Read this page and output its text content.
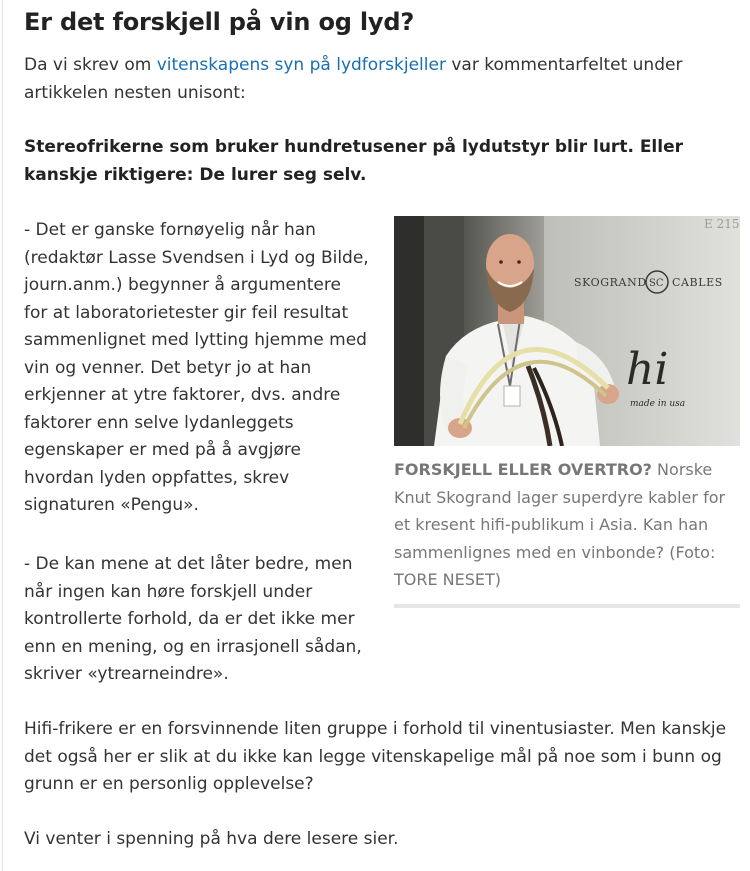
Er det forskjell på vin og lyd?

Da vi skrev om vitenskapens syn på lydforskjeller var kommentarfeltet under artikkelen nesten unisont:

Stereofrikerne som bruker hundretusener på lydutstyr blir lurt. Eller kanskje riktigere: De lurer seg selv.

- Det er ganske fornøyelig når han (redaktør Lasse Svendsen i Lyd og Bilde, journ.anm.) begynner å argumentere for at laboratorietester gir feil resultat sammenlignet med lytting hjemme med vin og venner. Det betyr jo at han erkjenner at ytre faktorer, dvs. andre faktorer enn selve lydanleggets egenskaper er med på å avgjøre hvordan lyden oppfattes, skrev signaturen «Pengu».

E 215
SKOGRAND SC CABLES
hi
made in usa

FORSKJELL ELLER OVERTRO? Norske Knut Skogrand lager superdyre kabler for et kresent hifi-publikum i Asia. Kan han sammenlignes med en vinbonde? (Foto: TORE NESET)

- De kan mene at det låter bedre, men når ingen kan høre forskjell under kontrollerte forhold, da er det ikke mer enn en mening, og en irrasjonell sådan, skriver «ytrearneindre».

Hifi-frikere er en forsvinnende liten gruppe i forhold til vinentusiaster. Men kanskje det også her er slik at du ikke kan legge vitenskapelige mål på noe som i bunn og grunn er en personlig opplevelse?

Vi venter i spenning på hva dere lesere sier.
